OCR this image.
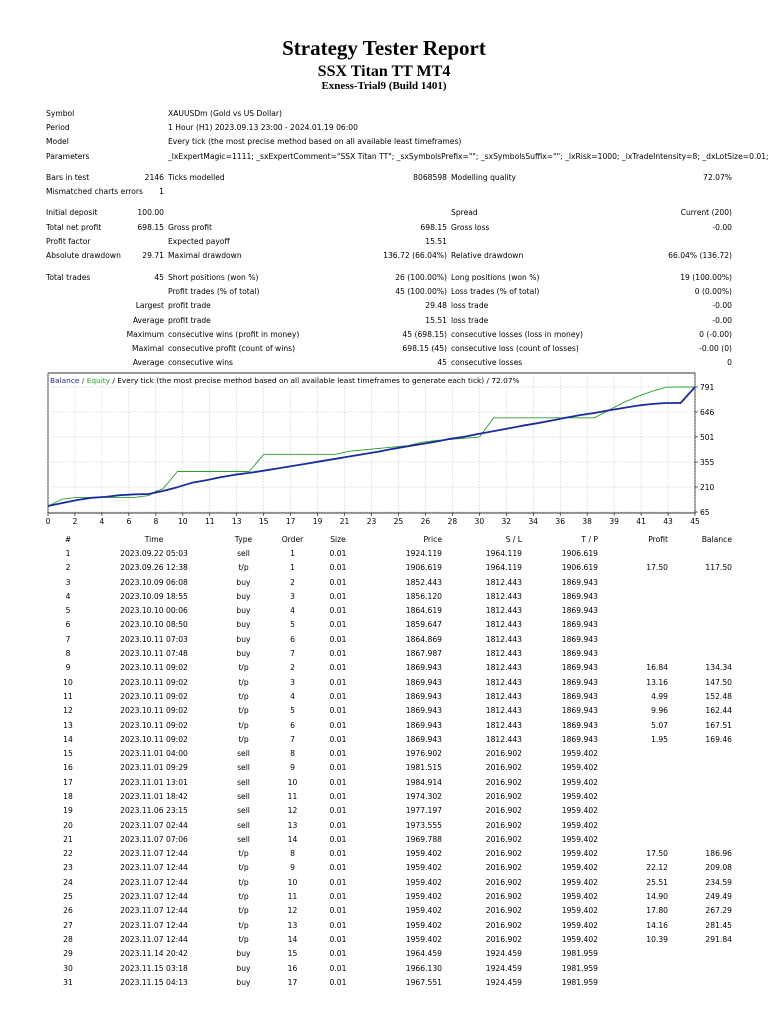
Strategy Tester Report
SSX Titan TT MT4
Exness-Trial9 (Build 1401)
Symbol		XAUUSDm (Gold vs US Dollar)		
Period		1 Hour (H1) 2023.09.13 23:00 - 2024.01.19 06:00		
Model		Every tick (the most precise method based on all available least timeframes)		
Parameters		_lxExpertMagic=1111; _sxExpertComment="SSX Titan TT"; _sxSymbolsPrefix=""; _sxSymbolsSuffix=""; _lxRisk=1000; _lxTradeIntensity=8; _dxLotSize=0.01;		

Bars in test	2146	Ticks modelled 8068598	Modelling quality	72.07%
Mismatched charts errors	1			

Initial deposit	100.00		Spread	Current (200)
Total net profit	698.15	Gross profit 698.15	Gross loss	-0.00
Profit factor		Expected payoff 15.51		

Absolute drawdown	29.71	Maximal drawdown 136.72 (66.04%)	Relative drawdown	66.04% (136.72)

Total trades	45	Short positions (won %) 26 (100.00%)	Long positions (won %)	19 (100.00%)
		Profit trades (% of total) 45 (100.00%)	Loss trades (% of total)	0 (0.00%)
	Largest	profit trade 29.48	loss trade	-0.00
	Average	profit trade 15.51	loss trade	-0.00
Maximum		consecutive wins (profit in money) 45 (698.15)	consecutive losses (loss in money)	0 (-0.00)
Maximal		consecutive profit (count of wins) 698.15 (45)	consecutive loss (count of losses)	-0.00 (0)
Average		consecutive wins 45	consecutive losses	0
0	2	4	6	8	10 11 13 15 17 19 21 23 25 26 28 30 32 34 36 38 39 41 43 45
65
210
355
501
646
791
Balance / Equity / Every tick (the most precise method based on all available least timeframes to generate each tick) / 72.07%
#	Time	Type	Order	Size	Price	S / L	T / P	Profit	Balance
1	2023.09.22 05:03	sell	1	0.01	1924.119	1964.119	1906.619		
2	2023.09.26 12:38	t/p	1	0.01	1906.619	1964.119	1906.619	17.50	117.50
3	2023.10.09 06:08	buy	2	0.01	1852.443	1812.443	1869.943		
4	2023.10.09 18:55	buy	3	0.01	1856.120	1812.443	1869.943		
5	2023.10.10 00:06	buy	4	0.01	1864.619	1812.443	1869.943		
6	2023.10.10 08:50	buy	5	0.01	1859.647	1812.443	1869.943		
7	2023.10.11 07:03	buy	6	0.01	1864.869	1812.443	1869.943		
8	2023.10.11 07:48	buy	7	0.01	1867.987	1812.443	1869.943		
9	2023.10.11 09:02	t/p	2	0.01	1869.943	1812.443	1869.943	16.84	134.34
10	2023.10.11 09:02	t/p	3	0.01	1869.943	1812.443	1869.943	13.16	147.50
11	2023.10.11 09:02	t/p	4	0.01	1869.943	1812.443	1869.943	4.99	152.48
12	2023.10.11 09:02	t/p	5	0.01	1869.943	1812.443	1869.943	9.96	162.44
13	2023.10.11 09:02	t/p	6	0.01	1869.943	1812.443	1869.943	5.07	167.51
14	2023.10.11 09:02	t/p	7	0.01	1869.943	1812.443	1869.943	1.95	169.46
15	2023.11.01 04:00	sell	8	0.01	1976.902	2016.902	1959.402		
16	2023.11.01 09:29	sell	9	0.01	1981.515	2016.902	1959.402		
17	2023.11.01 13:01	sell	10	0.01	1984.914	2016.902	1959.402		
18	2023.11.01 18:42	sell	11	0.01	1974.302	2016.902	1959.402		
19	2023.11.06 23:15	sell	12	0.01	1977.197	2016.902	1959.402		
20	2023.11.07 02:44	sell	13	0.01	1973.555	2016.902	1959.402		
21	2023.11.07 07:06	sell	14	0.01	1969.788	2016.902	1959.402		
22	2023.11.07 12:44	t/p	8	0.01	1959.402	2016.902	1959.402	17.50	186.96
23	2023.11.07 12:44	t/p	9	0.01	1959.402	2016.902	1959.402	22.12	209.08
24	2023.11.07 12:44	t/p	10	0.01	1959.402	2016.902	1959.402	25.51	234.59
25	2023.11.07 12:44	t/p	11	0.01	1959.402	2016.902	1959.402	14.90	249.49
26	2023.11.07 12:44	t/p	12	0.01	1959.402	2016.902	1959.402	17.80	267.29
27	2023.11.07 12:44	t/p	13	0.01	1959.402	2016.902	1959.402	14.16	281.45
28	2023.11.07 12:44	t/p	14	0.01	1959.402	2016.902	1959.402	10.39	291.84
29	2023.11.14 20:42	buy	15	0.01	1964.459	1924.459	1981.959		
30	2023.11.15 03:18	buy	16	0.01	1966.130	1924.459	1981.959		
31	2023.11.15 04:13	buy	17	0.01	1967.551	1924.459	1981.959		
